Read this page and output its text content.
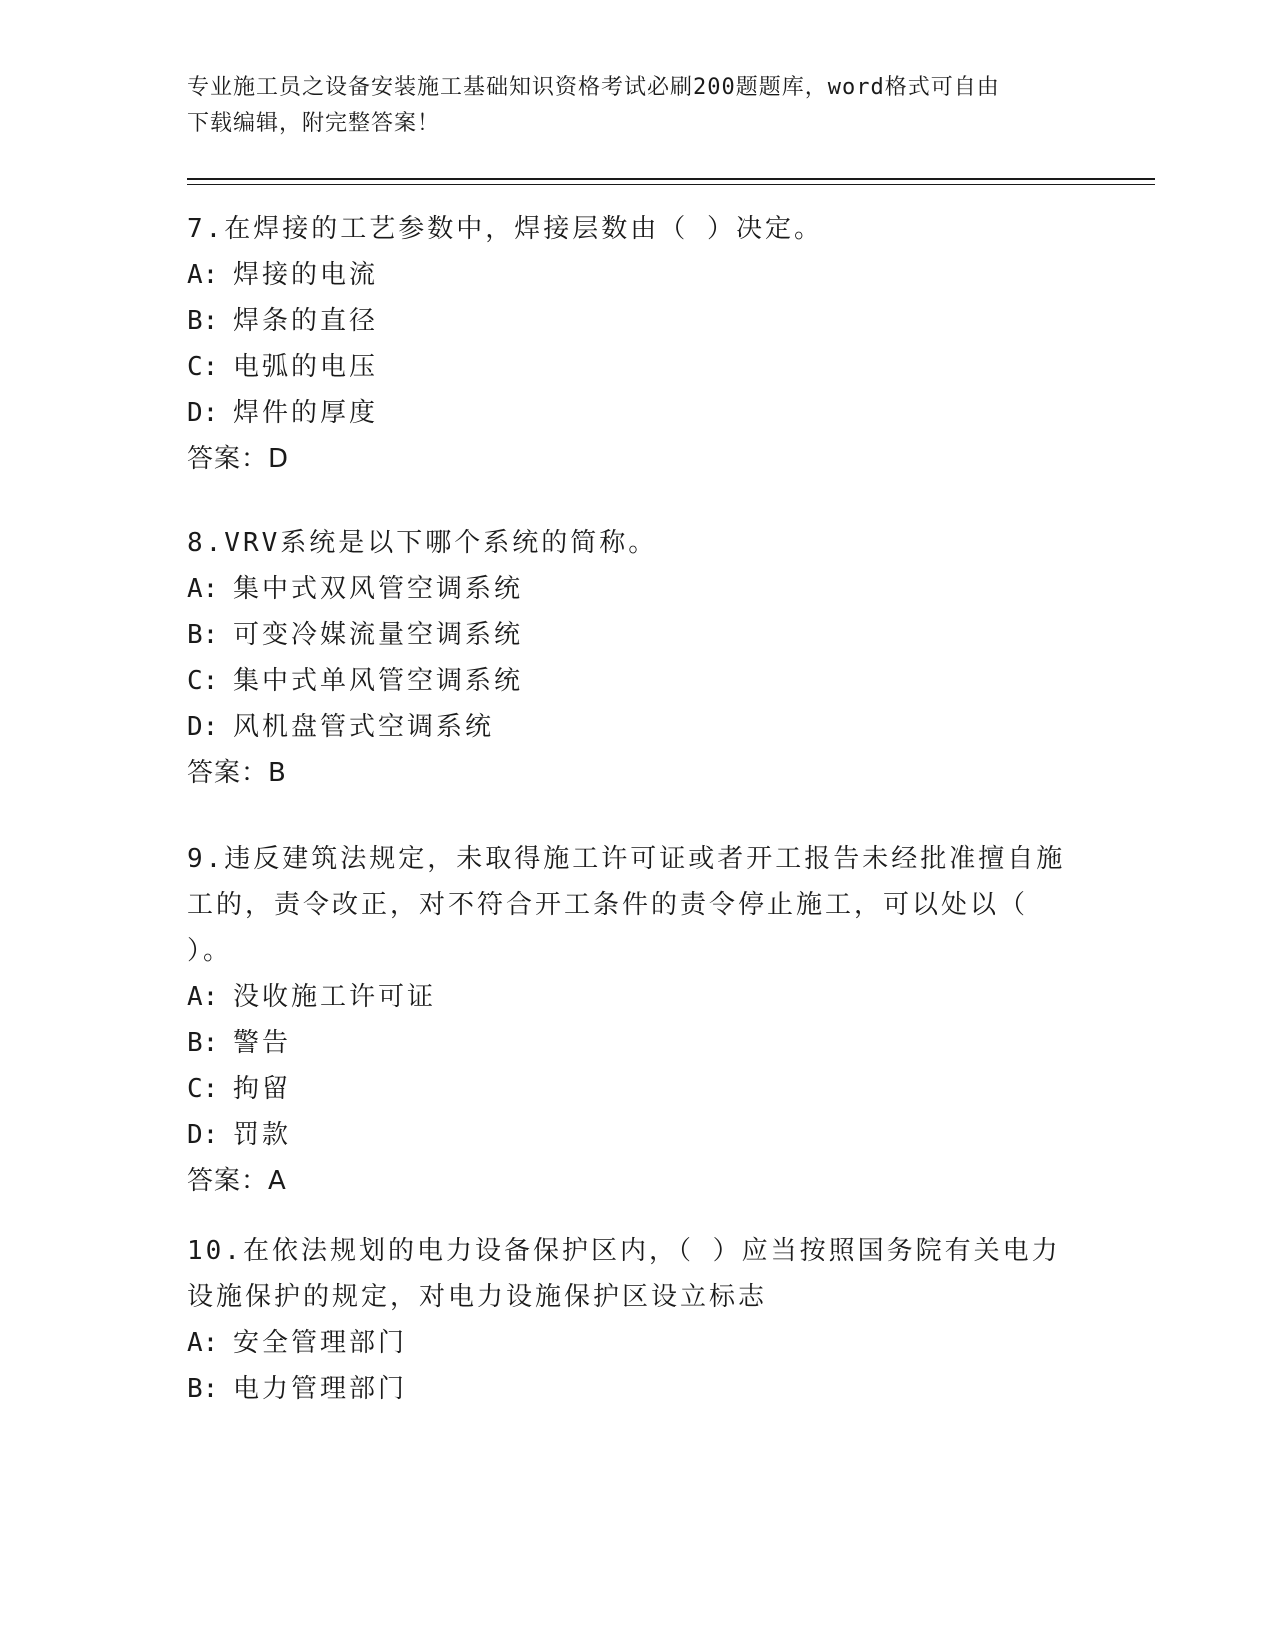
专业施工员之设备安装施工基础知识资格考试必刷200题题库，word格式可自由
下载编辑，附完整答案！

7.在焊接的工艺参数中，焊接层数由（ ）决定。

A: 焊接的电流

B: 焊条的直径

C: 电弧的电压

D: 焊件的厚度

答案：D

8.VRV系统是以下哪个系统的简称。

A: 集中式双风管空调系统

B: 可变冷媒流量空调系统

C: 集中式单风管空调系统

D: 风机盘管式空调系统

答案：B

9.违反建筑法规定，未取得施工许可证或者开工报告未经批准擅自施工的，责令改正，对不符合开工条件的责令停止施工，可以处以（ ）。

A: 没收施工许可证

B: 警告

C: 拘留

D: 罚款

答案：A

10.在依法规划的电力设备保护区内，（ ）应当按照国务院有关电力设施保护的规定，对电力设施保护区设立标志

A: 安全管理部门

B: 电力管理部门
